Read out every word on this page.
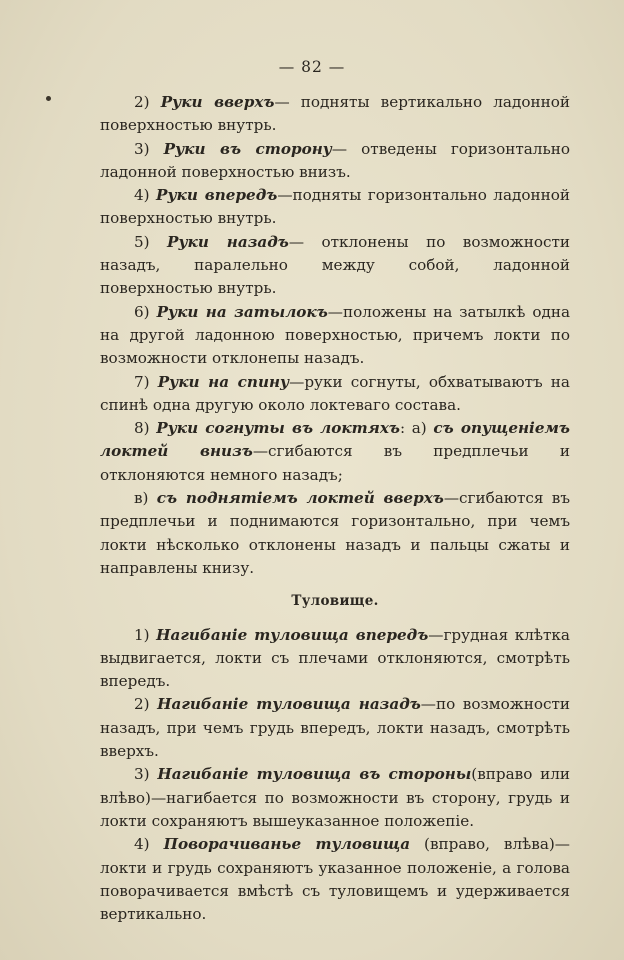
— 82 —

2) Руки вверхъ— подняты вертикально ладонной поверхностью внутрь.

3) Руки въ сторону— отведены горизонтально ладонной поверхностью внизъ.

4) Руки впередъ—подняты горизонтально ладонной поверхностью внутрь.

5) Руки назадъ— отклонены по возможности назадъ, паралельно между собой, ладонной поверхностью внутрь.

6) Руки на затылокъ—положены на затылкѣ одна на другой ладонною поверхностью, причемъ локти по возможности отклонепы назадъ.

7) Руки на спину—руки согнуты, обхватываютъ на спинѣ одна другую около локтеваго состава.

8) Руки согнуты въ локтяхъ: а) съ опущеніемъ локтей внизъ—сгибаются въ предплечьи и отклоняются немного назадъ;

в) съ поднятіемъ локтей вверхъ—сгибаются въ предплечьи и поднимаются горизонтально, при чемъ локти нѣсколько отклонены назадъ и пальцы сжаты и направлены книзу.

Туловище.

1) Нагибаніе туловища впередъ—грудная клѣтка выдвигается, локти съ плечами отклоняются, смотрѣть впередъ.

2) Нагибаніе туловища назадъ—по возможности назадъ, при чемъ грудь впередъ, локти назадъ, смотрѣть вверхъ.

3) Нагибаніе туловища въ стороны(вправо или влѣво)—нагибается по возможности въ сторону, грудь и локти сохраняютъ вышеуказанное положепіе.

4) Поворачиванье туловища (вправо, влѣва)—локти и грудь сохраняютъ указанное положеніе, а голова поворачивается вмѣстѣ съ туловищемъ и удерживается вертикально.
